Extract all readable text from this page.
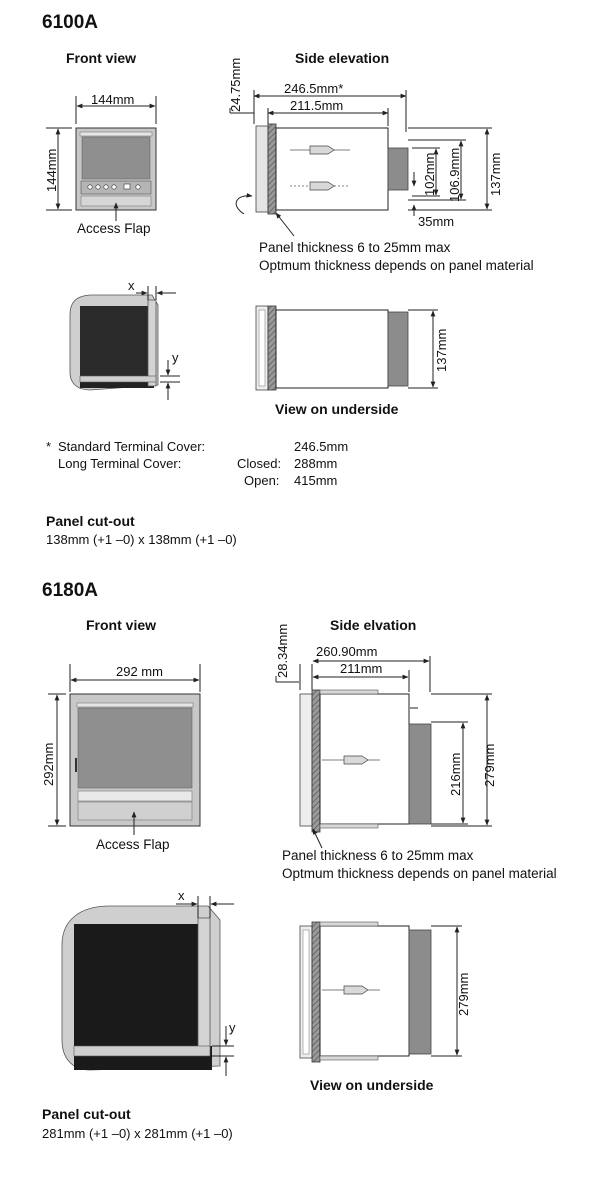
6100A
Front view	Side elevation
144mm
144mm
Access Flap
246.5mm*
211.5mm
24.75mm
102mm 106.9mm 137mm
35mm
Panel thickness 6 to 25mm max
Optmum thickness depends on panel material
x
y	137mm
View on underside
* Standard Terminal Cover:	246.5mm
Long Terminal Cover:	Closed: 288mm
Open: 415mm
Panel cut-out
138mm (+1 –0) x 138mm (+1 –0)
6180A
Front view	Side elvation
292 mm
292mm
Access Flap
260.90mm
211mm
28.34mm
216mm 279mm
Panel thickness 6 to 25mm max
Optmum thickness depends on panel material
x
y
279mm
View on underside
Panel cut-out
281mm (+1 –0) x 281mm (+1 –0)
